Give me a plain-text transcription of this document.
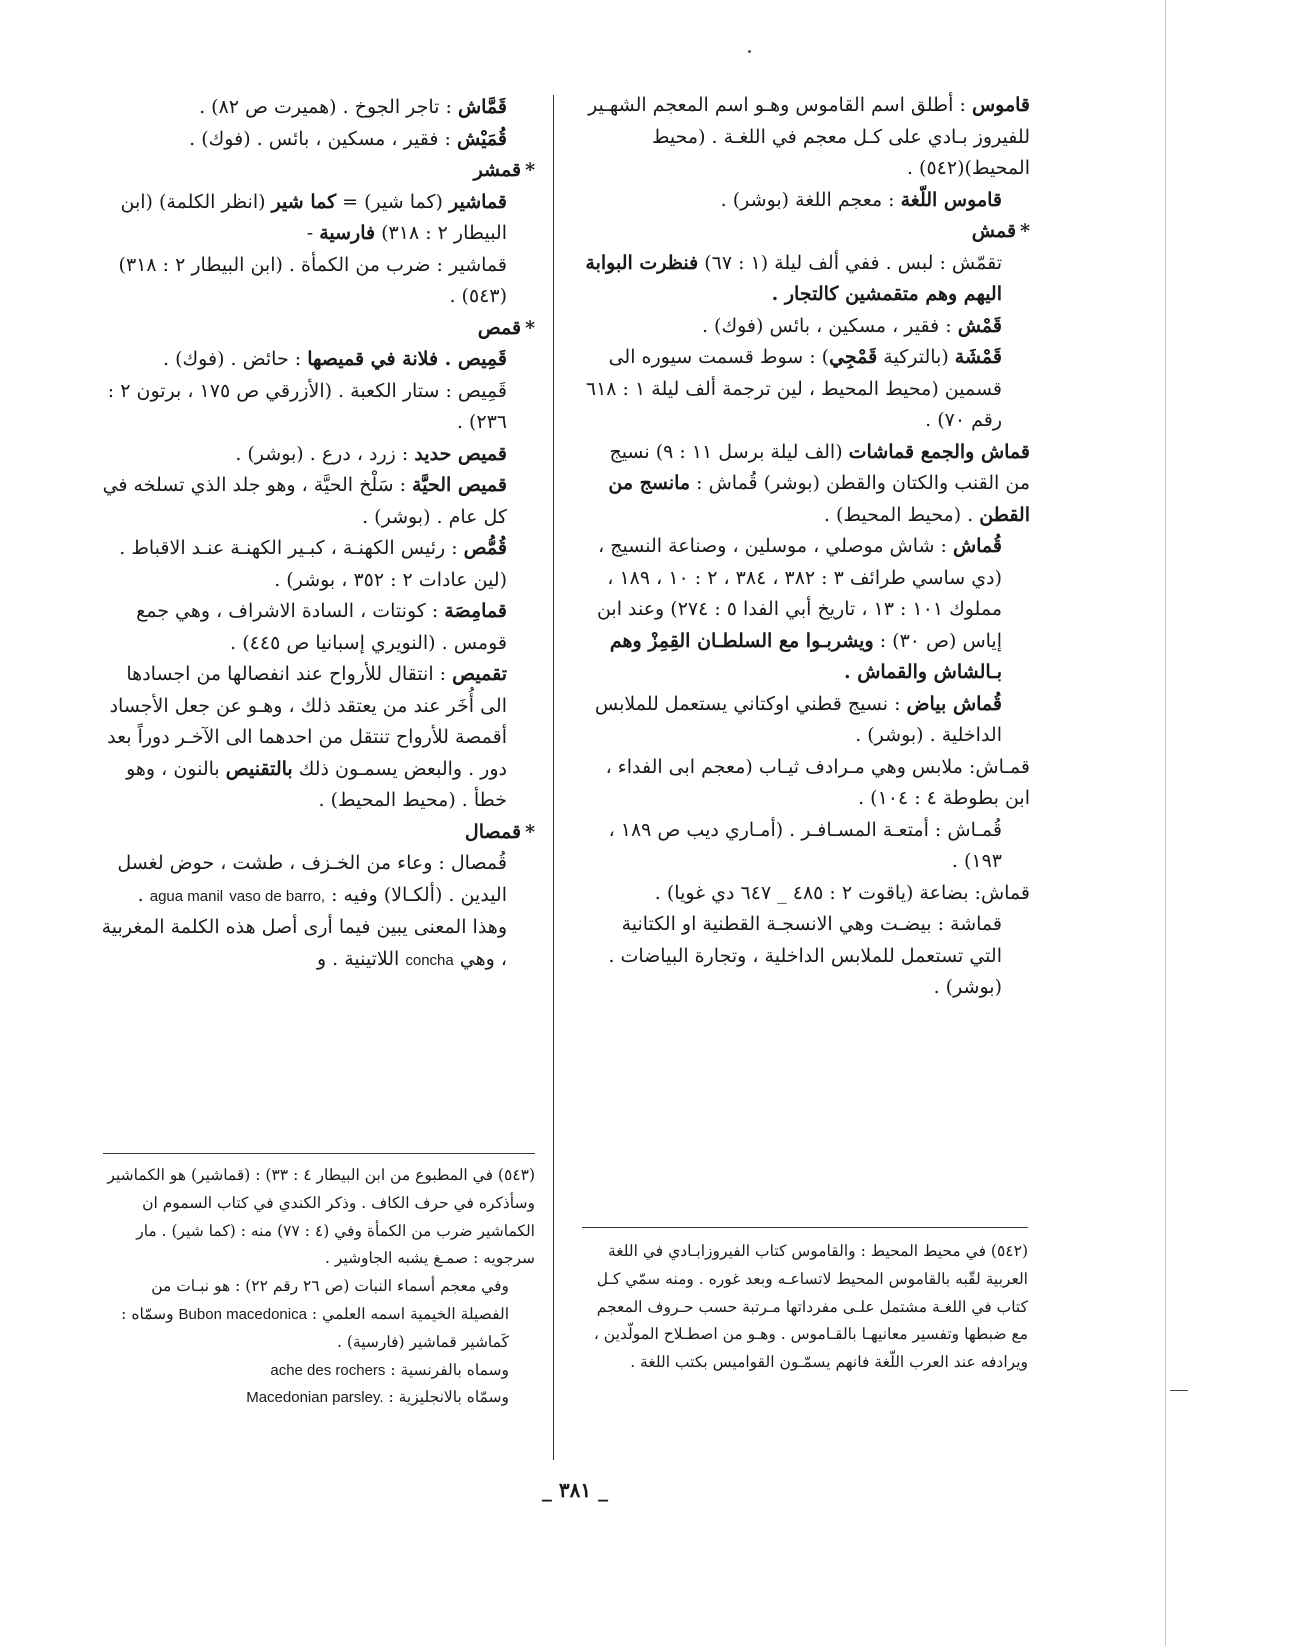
قاموس : أطلق اسم القاموس وهـو اسم المعجم الشهـير للفيروز بـادي على كـل معجم في اللغـة . (محيط المحيط)(٥٤٢) .

قاموس اللّغة : معجم اللغة (بوشر) .

*قمش

تقمّش : لبس . ففي ألف ليلة (١ : ٦٧) فنظرت البوابة اليهم وهم متقمشين كالتجار .

قَمْش : فقير ، مسكين ، بائس (فوك) .

قَمْشَة (بالتركية قَمْجِي) : سوط قسمت سيوره الى قسمين (محيط المحيط ، لين ترجمة ألف ليلة ١ : ٦١٨ رقم ٧٠) .

قماش والجمع قماشات (الف ليلة برسل ١١ : ٩) نسيج من القنب والكتان والقطن (بوشر) قُماش : مانسج من القطن . (محيط المحيط) .

قُماش : شاش موصلي ، موسلين ، وصناعة النسيج ، (دي ساسي طرائف ٣ : ٣٨٢ ، ٣٨٤ ، ٢ : ١٠ ، ١٨٩ ، مملوك ١٠١ : ١٣ ، تاريخ أبي الفدا ٥ : ٢٧٤) وعند ابن إياس (ص ٣٠) : ويشربـوا مع السلطـان القِمِزْ وهم بـالشاش والقماش .

قُماش بياض : نسيج قطني اوكتاني يستعمل للملابس الداخلية . (بوشر) .

قمـاش: ملابس وهي مـرادف ثيـاب (معجم ابى الفداء ، ابن بطوطة ٤ : ١٠٤) .

قُمـاش : أمتعـة المسـافـر . (أمـاري ديب ص ١٨٩ ، ١٩٣) .

قماش: بضاعة (ياقوت ٢ : ٤٨٥ _ ٦٤٧ دي غويا) .

قماشة : بيضـت وهي الانسجـة القطنية او الكتانية التي تستعمل للملابس الداخلية ، وتجارة البياضات . (بوشر) .

قَمَّاش : تاجر الجوخ . (هميرت ص ٨٢) .

قُمَيْش : فقير ، مسكين ، بائس . (فوك) .

*قمشر

قماشير (كما شير) = كما شير (انظر الكلمة) (ابن البيطار ٢ : ٣١٨) فارسية -

قماشير : ضرب من الكمأة . (ابن البيطار ٢ : ٣١٨)(٥٤٣) .

*قمص

قَمِيص . فلانة في قميصها : حائض . (فوك) .

قَمِيص : ستار الكعبة . (الأزرقي ص ١٧٥ ، برتون ٢ : ٢٣٦) .

قميص حديد : زرد ، درع . (بوشر) .

قميص الحيَّة : سَلْخ الحيَّة ، وهو جلد الذي تسلخه في كل عام . (بوشر) .

قُمُّص : رئيس الكهنـة ، كبـير الكهنـة عنـد الاقباط . (لين عادات ٢ : ٣٥٢ ، بوشر) .

قمامِصَة : كونتات ، السادة الاشراف ، وهي جمع قومس . (النويري إسبانيا ص ٤٤٥) .

تقميص : انتقال للأرواح عند انفصالها من اجسادها الى أُخَر عند من يعتقد ذلك ، وهـو عن جعل الأجساد أقمصة للأرواح تنتقل من احدهما الى الآخـر دوراً بعد دور . والبعض يسمـون ذلك بالتقنيص بالنون ، وهو خطأ . (محيط المحيط) .

*قمصال

قُمصال : وعاء من الخـزف ، طشت ، حوض لغسل اليدين . (ألكـالا) وفيه : vaso de barro, agua manil . وهذا المعنى يبين فيما أرى أصل هذه الكلمة المغربية ، وهي concha اللاتينية . و

(٥٤٣) في المطبوع من ابن البيطار ٤ : ٣٣) : (قماشير) هو الكماشير وسأذكره في حرف الكاف . وذكر الكندي في كتاب السموم ان الكماشير ضرب من الكمأة وفي (٤ : ٧٧) منه : (كما شير) . مار سرجويه : صمـغ يشبه الجاوشير .

وفي معجم أسماء النبات (ص ٢٦ رقم ٢٢) : هو نبـات من الفصيلة الخيمية اسمه العلمي : Bubon macedonica وسمّاه : كَماشير قماشير (فارسية) .

وسماه بالفرنسية : ache des rochers

وسمّاه بالانجليزية : Macedonian parsley.

(٥٤٢) في محيط المحيط : والقاموس كتاب الفيروزابـادي في اللغة العربية لقّبه بالقاموس المحيط لاتساعـه وبعد غوره . ومنه سمّي كـل كتاب في اللغـة مشتمل علـى مفرداتها مـرتبة حسب حـروف المعجم مع ضبطها وتفسير معانيهـا بالقـاموس . وهـو من اصطـلاح المولّدين ، ويرادفه عند العرب اللّغة فانهم يسمّـون القواميس بكتب اللغة .

_ ٣٨١ _
